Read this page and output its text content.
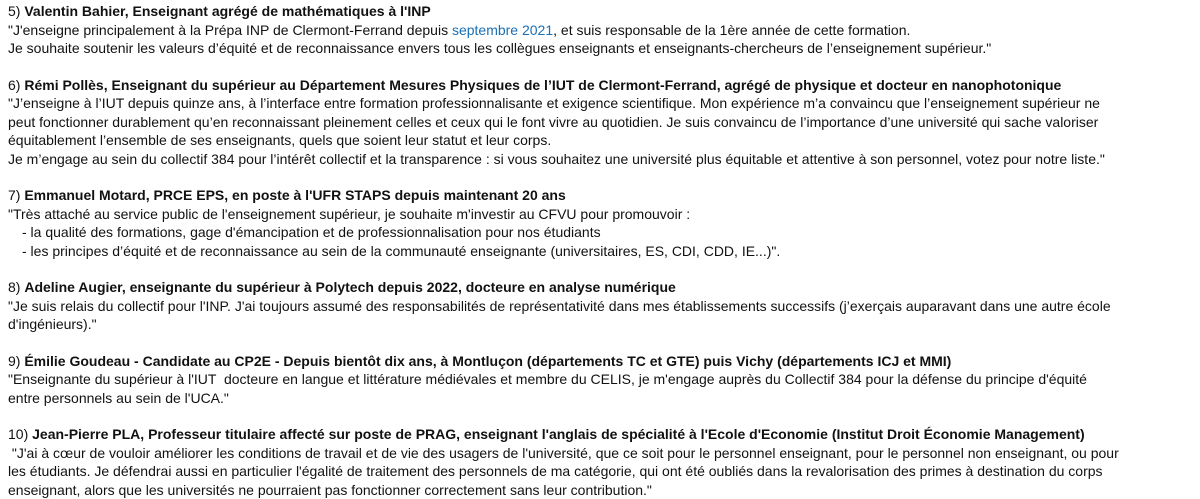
5) Valentin Bahier, Enseignant agrégé de mathématiques à l'INP
"J'enseigne principalement à la Prépa INP de Clermont-Ferrand depuis septembre 2021, et suis responsable de la 1ère année de cette formation.
Je souhaite soutenir les valeurs d’équité et de reconnaissance envers tous les collègues enseignants et enseignants-chercheurs de l’enseignement supérieur."
6) Rémi Pollès, Enseignant du supérieur au Département Mesures Physiques de l’IUT de Clermont-Ferrand, agrégé de physique et docteur en nanophotonique
"J’enseigne à l’IUT depuis quinze ans, à l’interface entre formation professionnalisante et exigence scientifique. Mon expérience m’a convaincu que l’enseignement supérieur ne
peut fonctionner durablement qu’en reconnaissant pleinement celles et ceux qui le font vivre au quotidien. Je suis convaincu de l’importance d’une université qui sache valoriser
équitablement l’ensemble de ses enseignants, quels que soient leur statut et leur corps.
Je m’engage au sein du collectif 384 pour l’intérêt collectif et la transparence : si vous souhaitez une université plus équitable et attentive à son personnel, votez pour notre liste."
7) Emmanuel Motard, PRCE EPS, en poste à l'UFR STAPS depuis maintenant 20 ans
"Très attaché au service public de l'enseignement supérieur, je souhaite m'investir au CFVU pour promouvoir :
- la qualité des formations, gage d'émancipation et de professionnalisation pour nos étudiants
- les principes d’équité et de reconnaissance au sein de la communauté enseignante (universitaires, ES, CDI, CDD, IE...)".
8) Adeline Augier, enseignante du supérieur à Polytech depuis 2022, docteure en analyse numérique
"Je suis relais du collectif pour l'INP. J'ai toujours assumé des responsabilités de représentativité dans mes établissements successifs (j’exerçais auparavant dans une autre école
d'ingénieurs)."
9) Émilie Goudeau - Candidate au CP2E - Depuis bientôt dix ans, à Montluçon (départements TC et GTE) puis Vichy (départements ICJ et MMI)
"Enseignante du supérieur à l'IUT  docteure en langue et littérature médiévales et membre du CELIS, je m'engage auprès du Collectif 384 pour la défense du principe d'équité
entre personnels au sein de l'UCA."
10) Jean-Pierre PLA, Professeur titulaire affecté sur poste de PRAG, enseignant l'anglais de spécialité à l'Ecole d'Economie (Institut Droit Économie Management)
"J'ai à cœur de vouloir améliorer les conditions de travail et de vie des usagers de l'université, que ce soit pour le personnel enseignant, pour le personnel non enseignant, ou pour
les étudiants. Je défendrai aussi en particulier l'égalité de traitement des personnels de ma catégorie, qui ont été oubliés dans la revalorisation des primes à destination du corps
enseignant, alors que les universités ne pourraient pas fonctionner correctement sans leur contribution."
